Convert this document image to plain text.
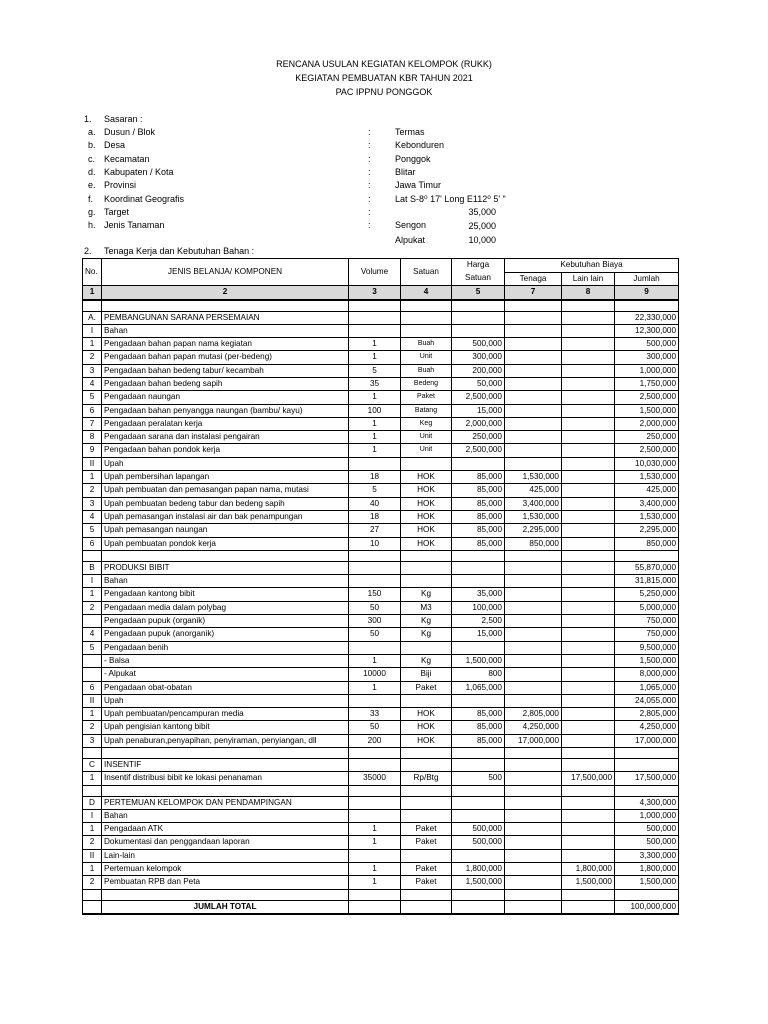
RENCANA USULAN KEGIATAN KELOMPOK (RUKK)
KEGIATAN PEMBUATAN KBR TAHUN 2021
PAC IPPNU PONGGOK
1. Sasaran :
a. Dusun / Blok	:	Termas
b. Desa	:	Kebonduren
c. Kecamatan	:	Ponggok
d. Kabupaten / Kota	:	Blitar
e. Provinsi	:	Jawa Timur
f. Koordinat Geografis	:	Lat S-8⁰ 17' Long E112⁰ 5' "
g. Target	:	35,000
h. Jenis Tanaman	:	Sengon	25,000
Alpukat	10,000
2. Tenaga Kerja dan Kebutuhan Bahan :
No.	JENIS BELANJA/ KOMPONEN	Volume	Satuan	Harga	Kebutuhan Biaya		
				Satuan	Tenaga	Lain lain	Jumlah
1	2	3	4	5	7	8	9

A.	PEMBANGUNAN SARANA PERSEMAIAN						22,330,000
I	Bahan						12,300,000
1	Pengadaan bahan papan nama kegiatan	1	Buah	500,000			500,000
2	Pengadaan bahan papan mutasi (per-bedeng)	1	Unit	300,000			300,000
3	Pengadaan bahan bedeng tabur/ kecambah	5	Buah	200,000			1,000,000
4	Pengadaan bahan bedeng sapih	35	Bedeng	50,000			1,750,000
5	Pengadaan naungan	1	Paket	2,500,000			2,500,000
6	Pengadaan bahan penyangga naungan (bambu/ kayu)	100	Batang	15,000			1,500,000
7	Pengadaan peralatan kerja	1	Keg	2,000,000			2,000,000
8	Pengadaan sarana dan instalasi pengairan	1	Unit	250,000			250,000
9	Pengadaan bahan pondok kerja	1	Unit	2,500,000			2,500,000
II	Upah						10,030,000
1	Upah pembersihan lapangan	18	HOK	85,000	1,530,000		1,530,000
2	Upah pembuatan dan pemasangan papan nama, mutasi	5	HOK	85,000	425,000		425,000
3	Upah pembuatan bedeng tabur dan bedeng sapih	40	HOK	85,000	3,400,000		3,400,000
4	Upah pemasangan instalasi air dan bak penampungan	18	HOK	85,000	1,530,000		1,530,000
5	Upah pemasangan naungan	27	HOK	85,000	2,295,000		2,295,000
6	Upah pembuatan pondok kerja	10	HOK	85,000	850,000		850,000

B	PRODUKSI BIBIT						55,870,000
I	Bahan						31,815,000
1	Pengadaan kantong bibit	150	Kg	35,000			5,250,000
2	Pengadaan media dalam polybag	50	M3	100,000			5,000,000
	Pengadaan pupuk (organik)	300	Kg	2,500			750,000
4	Pengadaan pupuk (anorganik)	50	Kg	15,000			750,000
5	Pengadaan benih						9,500,000
	- Balsa	1	Kg	1,500,000			1,500,000
	- Alpukat	10000	Biji	800			8,000,000
6	Pengadaan obat-obatan	1	Paket	1,065,000			1,065,000
II	Upah						24,055,000
1	Upah pembuatan/pencampuran media	33	HOK	85,000	2,805,000		2,805,000
2	Upah pengisian kantong bibit	50	HOK	85,000	4,250,000		4,250,000
3	Upah penaburan,penyapihan, penyiraman, penyiangan, dll	200	HOK	85,000	17,000,000		17,000,000

C	INSENTIF						
1	Insentif distribusi bibit ke lokasi penanaman	35000	Rp/Btg	500		17,500,000	17,500,000

D	PERTEMUAN KELOMPOK DAN PENDAMPINGAN						4,300,000
I	Bahan						1,000,000
1	Pengadaan ATK	1	Paket	500,000			500,000
2	Dokumentasi dan penggandaan laporan	1	Paket	500,000			500,000
II	Lain-lain						3,300,000
1	Pertemuan kelompok	1	Paket	1,800,000		1,800,000	1,800,000
2	Pembuatan RPB dan Peta	1	Paket	1,500,000		1,500,000	1,500,000

	JUMLAH TOTAL						100,000,000
